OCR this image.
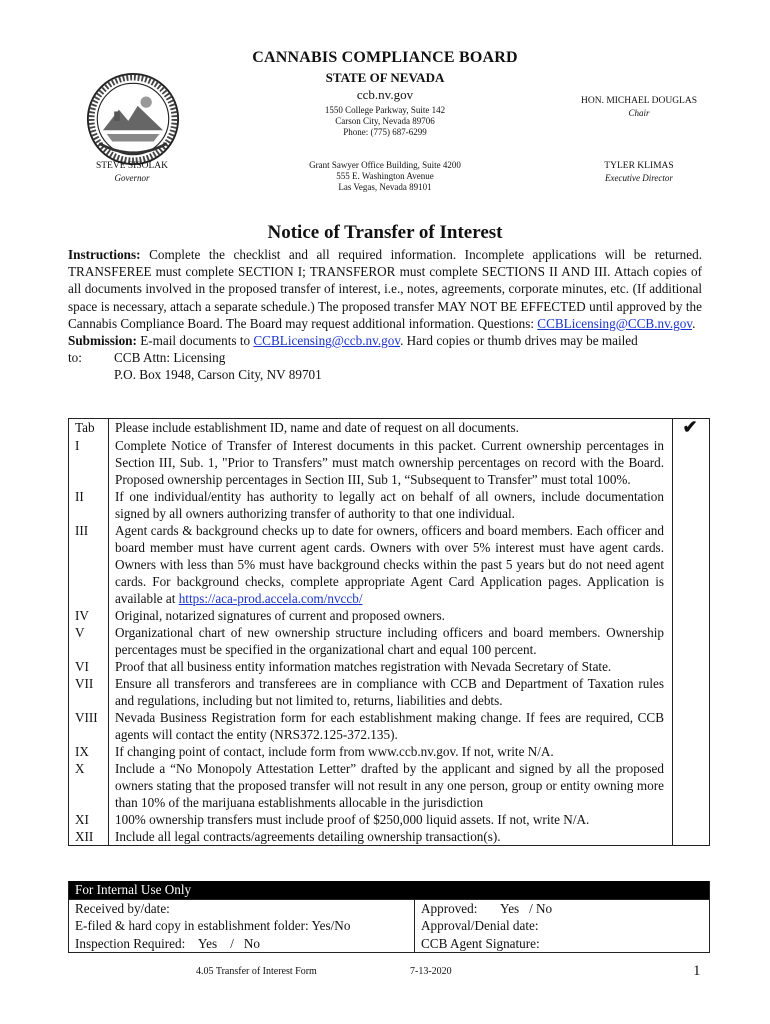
CANNABIS COMPLIANCE BOARD
STATE OF NEVADA
ccb.nv.gov
1550 College Parkway, Suite 142
Carson City, Nevada 89706
Phone: (775) 687-6299
Grant Sawyer Office Building, Suite 4200
555 E. Washington Avenue
Las Vegas, Nevada 89101
STEVE SISOLAK
Governor
HON. MICHAEL DOUGLAS
Chair
TYLER KLIMAS
Executive Director
Notice of Transfer of Interest

Instructions: Complete the checklist and all required information. Incomplete applications will be returned. TRANSFEREE must complete SECTION I; TRANSFEROR must complete SECTIONS II AND III. Attach copies of all documents involved in the proposed transfer of interest, i.e., notes, agreements, corporate minutes, etc. (If additional space is necessary, attach a separate schedule.) The proposed transfer MAY NOT BE EFFECTED until approved by the Cannabis Compliance Board. The Board may request additional information. Questions: CCBLicensing@CCB.nv.gov.

Submission: E-mail documents to CCBLicensing@ccb.nv.gov. Hard copies or thumb drives may be mailed

to:	CCB Attn: Licensing
P.O. Box 1948, Carson City, NV 89701
Tab	Please include establishment ID, name and date of request on all documents.	✔
I	Complete Notice of Transfer of Interest documents in this packet. Current ownership percentages in Section III, Sub. 1, "Prior to Transfers” must match ownership percentages on record with the Board. Proposed ownership percentages in Section III, Sub 1, “Subsequent to Transfer” must total 100%.
II	If one individual/entity has authority to legally act on behalf of all owners, include documentation signed by all owners authorizing transfer of authority to that one individual.
III	Agent cards & background checks up to date for owners, officers and board members. Each officer and board member must have current agent cards. Owners with over 5% interest must have agent cards. Owners with less than 5% must have background checks within the past 5 years but do not need agent cards. For background checks, complete appropriate Agent Card Application pages. Application is available at https://aca-prod.accela.com/nvccb/
IV	Original, notarized signatures of current and proposed owners.
V	Organizational chart of new ownership structure including officers and board members. Ownership percentages must be specified in the organizational chart and equal 100 percent.
VI	Proof that all business entity information matches registration with Nevada Secretary of State.
VII	Ensure all transferors and transferees are in compliance with CCB and Department of Taxation rules and regulations, including but not limited to, returns, liabilities and debts.
VIII	Nevada Business Registration form for each establishment making change. If fees are required, CCB agents will contact the entity (NRS372.125-372.135).
IX	If changing point of contact, include form from www.ccb.nv.gov. If not, write N/A.
X	Include a “No Monopoly Attestation Letter” drafted by the applicant and signed by all the proposed owners stating that the proposed transfer will not result in any one person, group or entity owning more than 10% of the marijuana establishments allocable in the jurisdiction
XI	100% ownership transfers must include proof of $250,000 liquid assets. If not, write N/A.
XII	Include all legal contracts/agreements detailing ownership transaction(s).
For Internal Use Only
Received by/date:	Approved:       Yes   / No
E-filed & hard copy in establishment folder: Yes/No	Approval/Denial date:
Inspection Required:    Yes    /   No	CCB Agent Signature:
4.05 Transfer of Interest Form	7-13-2020	1
